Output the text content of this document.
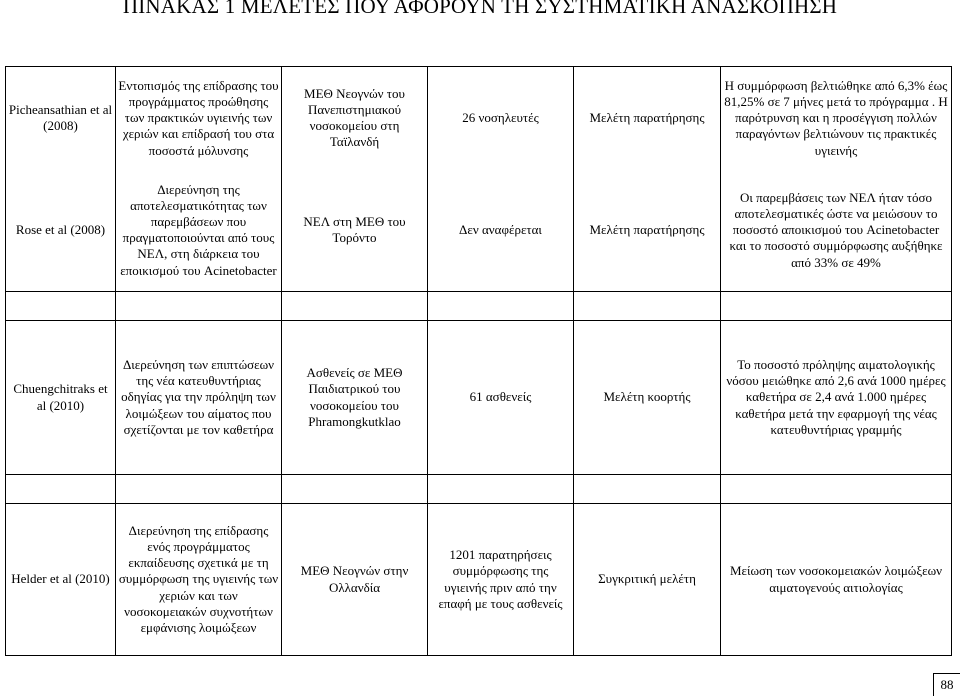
ΠΙΝΑΚΑΣ 1 ΜΕΛΕΤΕΣ ΠΟΥ ΑΦΟΡΟΥΝ ΤΗ ΣΥΣΤΗΜΑΤΙΚΗ ΑΝΑΣΚΟΠΗΣΗ
Picheansathian et al (2008)	Εντοπισμός της επίδρασης του προγράμματος προώθησης των πρακτικών υγιεινής των χεριών και επίδρασή του στα ποσοστά μόλυνσης	ΜΕΘ Νεογνών του Πανεπιστημιακού νοσοκομείου στη Ταϊλανδή	26 νοσηλευτές	Μελέτη παρατήρησης	Η συμμόρφωση βελτιώθηκε από 6,3% έως 81,25% σε 7 μήνες μετά το πρόγραμμα . Η παρότρυνση και η προσέγγιση πολλών παραγόντων βελτιώνουν τις πρακτικές υγιεινής
Rose et al (2008)	Διερεύνηση της αποτελεσματικότητας των παρεμβάσεων που πραγματοποιούνται από τους ΝΕΛ, στη διάρκεια του εποικισμού του Acinetobacter	ΝΕΛ στη ΜΕΘ του Τορόντο	Δεν αναφέρεται	Μελέτη παρατήρησης	Οι παρεμβάσεις των ΝΕΛ ήταν τόσο αποτελεσματικές ώστε να μειώσουν το ποσοστό αποικισμού του Acinetobacter και το ποσοστό συμμόρφωσης αυξήθηκε από 33% σε 49%

Chuengchitraks et al (2010)	Διερεύνηση των επιπτώσεων της νέα κατευθυντήριας οδηγίας για την πρόληψη των λοιμώξεων του αίματος που σχετίζονται με τον καθετήρα	Ασθενείς σε ΜΕΘ Παιδιατρικού του νοσοκομείου του Phramongkutklao	61 ασθενείς	Μελέτη κοορτής	Το ποσοστό πρόληψης αιματολογικής νόσου μειώθηκε από 2,6 ανά 1000 ημέρες καθετήρα σε 2,4 ανά 1.000 ημέρες καθετήρα μετά την εφαρμογή της νέας κατευθυντήριας γραμμής

Helder et al (2010)	Διερεύνηση της επίδρασης ενός προγράμματος εκπαίδευσης σχετικά με τη συμμόρφωση της υγιεινής των χεριών και των νοσοκομειακών συχνοτήτων εμφάνισης λοιμώξεων	ΜΕΘ Νεογνών στην Ολλανδία	1201 παρατηρήσεις συμμόρφωσης της υγιεινής πριν από την επαφή με τους ασθενείς	Συγκριτική μελέτη	Μείωση των νοσοκομειακών λοιμώξεων αιματογενούς αιτιολογίας
88
